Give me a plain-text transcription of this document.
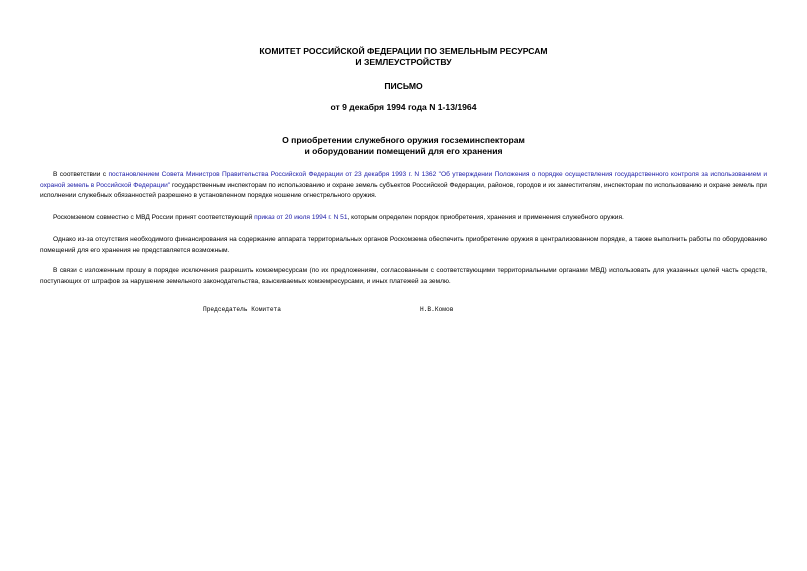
КОМИТЕТ РОССИЙСКОЙ ФЕДЕРАЦИИ ПО ЗЕМЕЛЬНЫМ РЕСУРСАМ
И ЗЕМЛЕУСТРОЙСТВУ
ПИСЬМО
от 9 декабря 1994 года N 1-13/1964
О приобретении служебного оружия госземинспекторам
и оборудовании помещений для его хранения

В соответствии с постановлением Совета Министров Правительства Российской Федерации от 23 декабря 1993 г. N 1362 "Об утверждении Положения о порядке осуществления государственного контроля за использованием и охраной земель в Российской Федерации" государственным инспекторам по использованию и охране земель субъектов Российской Федерации, районов, городов и их заместителям, инспекторам по использованию и охране земель при исполнении служебных обязанностей разрешено в установленном порядке ношение огнестрельного оружия.

Роскомземом совместно с МВД России принят соответствующий приказ от 20 июля 1994 г. N 51, которым определен порядок приобретения, хранения и применения служебного оружия.

Однако из-за отсутствия необходимого финансирования на содержание аппарата территориальных органов Роскомзема обеспечить приобретение оружия в централизованном порядке, а также выполнить работы по оборудованию помещений для его хранения не представляется возможным.

В связи с изложенным прошу в порядке исключения разрешить комземресурсам (по их предложениям, согласованным с соответствующими территориальными органами МВД) использовать для указанных целей часть средств, поступающих от штрафов за нарушение земельного законодательства, взыскиваемых комземресурсами, и иных платежей за землю.

Председатель Комитета	Н.В.Комов
